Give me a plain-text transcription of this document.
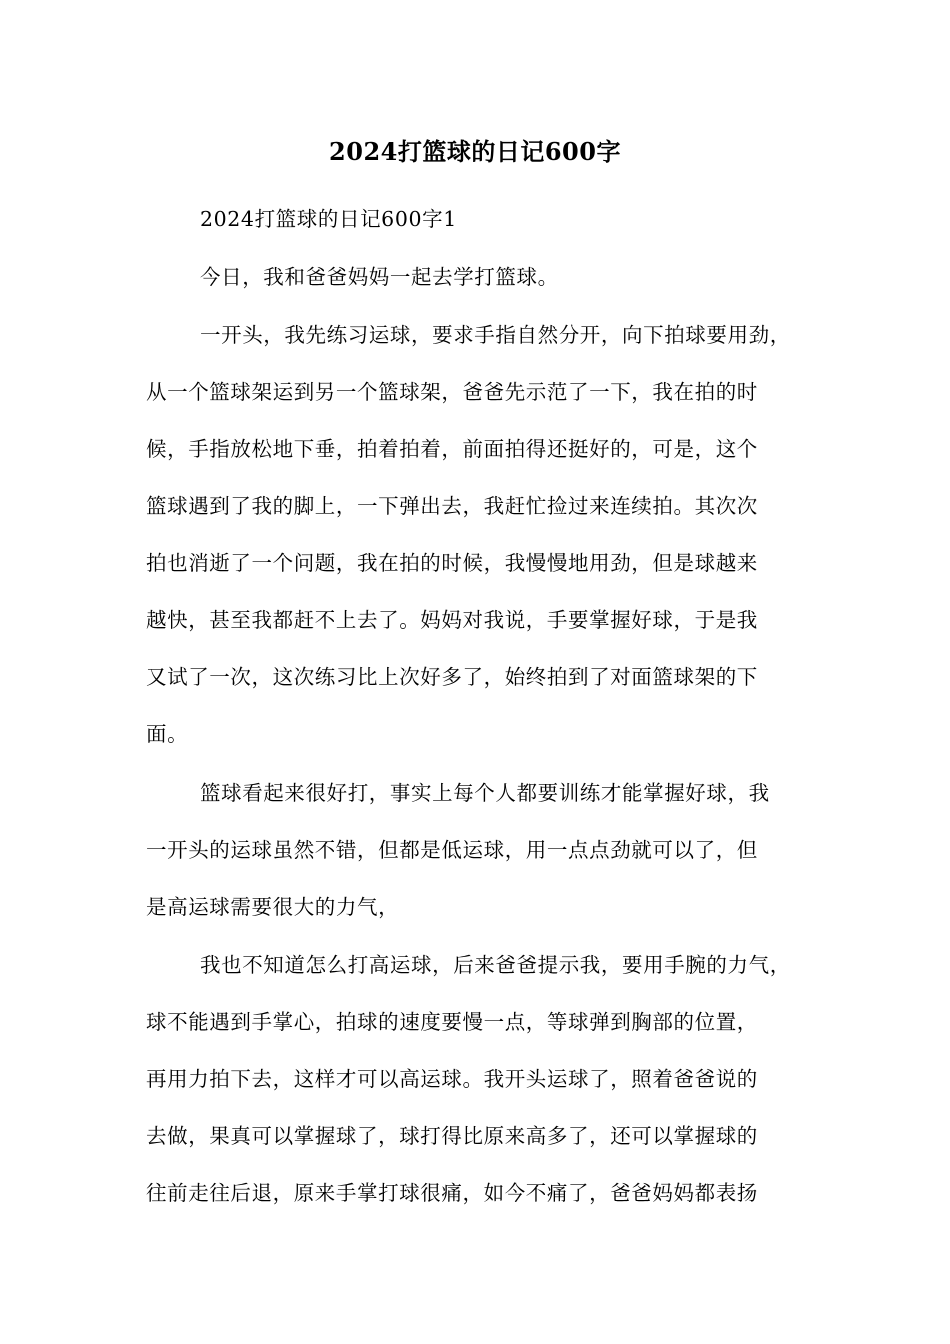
2024打篮球的日记600字
2024打篮球的日记600字1
今日，我和爸爸妈妈一起去学打篮球。
一开头，我先练习运球，要求手指自然分开，向下拍球要用劲，
从一个篮球架运到另一个篮球架，爸爸先示范了一下，我在拍的时
候，手指放松地下垂，拍着拍着，前面拍得还挺好的，可是，这个
篮球遇到了我的脚上，一下弹出去，我赶忙捡过来连续拍。其次次
拍也消逝了一个问题，我在拍的时候，我慢慢地用劲，但是球越来
越快，甚至我都赶不上去了。妈妈对我说，手要掌握好球，于是我
又试了一次，这次练习比上次好多了，始终拍到了对面篮球架的下
面。
篮球看起来很好打，事实上每个人都要训练才能掌握好球，我
一开头的运球虽然不错，但都是低运球，用一点点劲就可以了，但
是高运球需要很大的力气，
我也不知道怎么打高运球，后来爸爸提示我，要用手腕的力气，
球不能遇到手掌心，拍球的速度要慢一点，等球弹到胸部的位置，
再用力拍下去，这样才可以高运球。我开头运球了，照着爸爸说的
去做，果真可以掌握球了，球打得比原来高多了，还可以掌握球的
往前走往后退，原来手掌打球很痛，如今不痛了，爸爸妈妈都表扬
